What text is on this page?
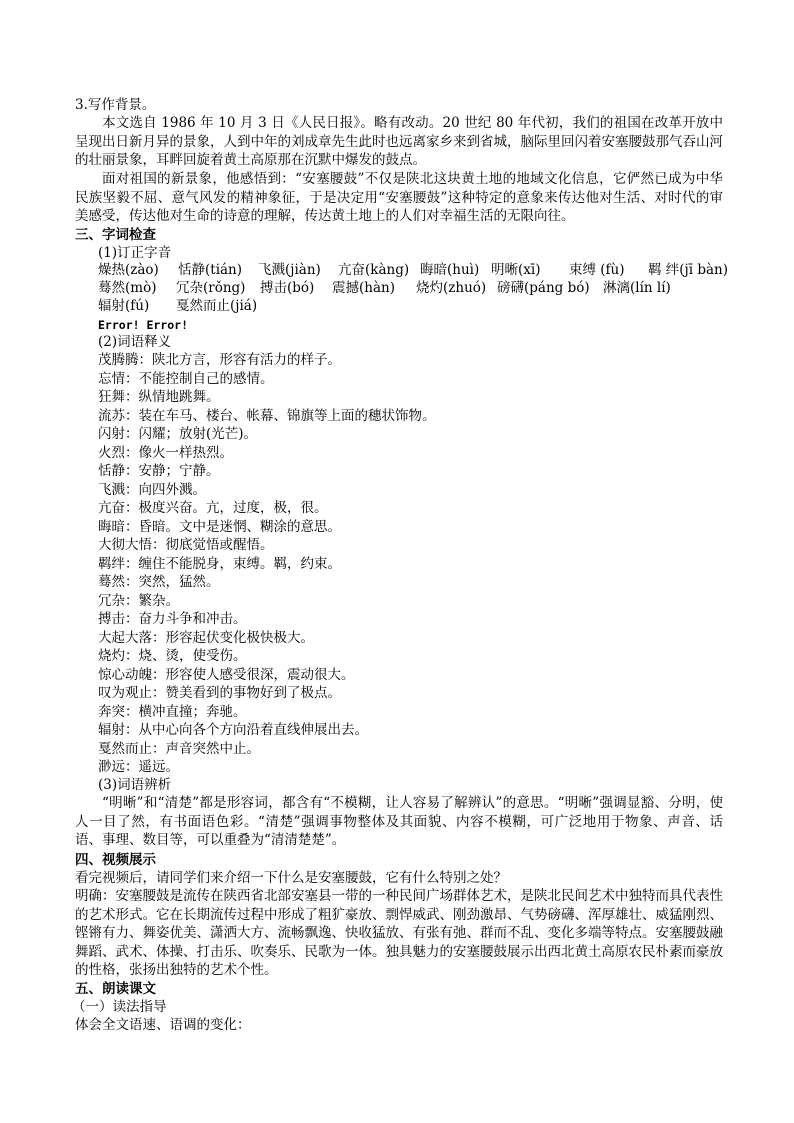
3.写作背景。
本文选自 1986 年 10 月 3 日《人民日报》。略有改动。20 世纪 80 年代初，我们的祖国在改革开放中呈现出日新月异的景象，人到中年的刘成章先生此时也远离家乡来到省城，脑际里回闪着安塞腰鼓那气吞山河的壮丽景象，耳畔回旋着黄土高原那在沉默中爆发的鼓点。
面对祖国的新景象，他感悟到：“安塞腰鼓”不仅是陕北这块黄土地的地域文化信息，它俨然已成为中华民族坚毅不屈、意气风发的精神象征，于是决定用“安塞腰鼓”这种特定的意象来传达他对生活、对时代的审美感受，传达他对生命的诗意的理解，传达黄土地上的人们对幸福生活的无限向往。
三、字词检查
(1)订正字音
燥热(zào) 恬静(tián) 飞溅(jiàn) 亢奋(kàng) 晦暗(huì) 明晰(xī) 束缚 (fù) 羁 绊(jī bàn)
蓦然(mò) 冗杂(rǒng) 搏击(bó) 震撼(hàn) 烧灼(zhuó) 磅礴(páng bó) 淋漓(lín lí)
辐射(fú) 戛然而止(jiá)
Error! Error!
(2)词语释义
茂腾腾：陕北方言，形容有活力的样子。
忘情：不能控制自己的感情。
狂舞：纵情地跳舞。
流苏：装在车马、楼台、帐幕、锦旗等上面的穗状饰物。
闪射：闪耀；放射(光芒)。
火烈：像火一样热烈。
恬静：安静；宁静。
飞溅：向四外溅。
亢奋：极度兴奋。亢，过度，极，很。
晦暗：昏暗。文中是迷惘、糊涂的意思。
大彻大悟：彻底觉悟或醒悟。
羁绊：缠住不能脱身，束缚。羁，约束。
蓦然：突然，猛然。
冗杂：繁杂。
搏击：奋力斗争和冲击。
大起大落：形容起伏变化极快极大。
烧灼：烧、烫，使受伤。
惊心动魄：形容使人感受很深，震动很大。
叹为观止：赞美看到的事物好到了极点。
奔突：横冲直撞；奔驰。
辐射：从中心向各个方向沿着直线伸展出去。
戛然而止：声音突然中止。
渺远：遥远。
(3)词语辨析
“明晰”和“清楚”都是形容词，都含有“不模糊，让人容易了解辨认”的意思。“明晰”强调显豁、分明，使人一目了然，有书面语色彩。“清楚”强调事物整体及其面貌、内容不模糊，可广泛地用于物象、声音、话语、事理、数目等，可以重叠为“清清楚楚”。
四、视频展示
看完视频后，请同学们来介绍一下什么是安塞腰鼓，它有什么特别之处？
明确：安塞腰鼓是流传在陕西省北部安塞县一带的一种民间广场群体艺术，是陕北民间艺术中独特而具代表性的艺术形式。它在长期流传过程中形成了粗犷豪放、剽悍威武、刚劲激昂、气势磅礴、浑厚雄壮、威猛刚烈、铿锵有力、舞姿优美、潇洒大方、流畅飘逸、快收猛放、有张有弛、群而不乱、变化多端等特点。安塞腰鼓融舞蹈、武术、体操、打击乐、吹奏乐、民歌为一体。独具魅力的安塞腰鼓展示出西北黄土高原农民朴素而豪放的性格，张扬出独特的艺术个性。
五、朗读课文
（一）读法指导
体会全文语速、语调的变化：
